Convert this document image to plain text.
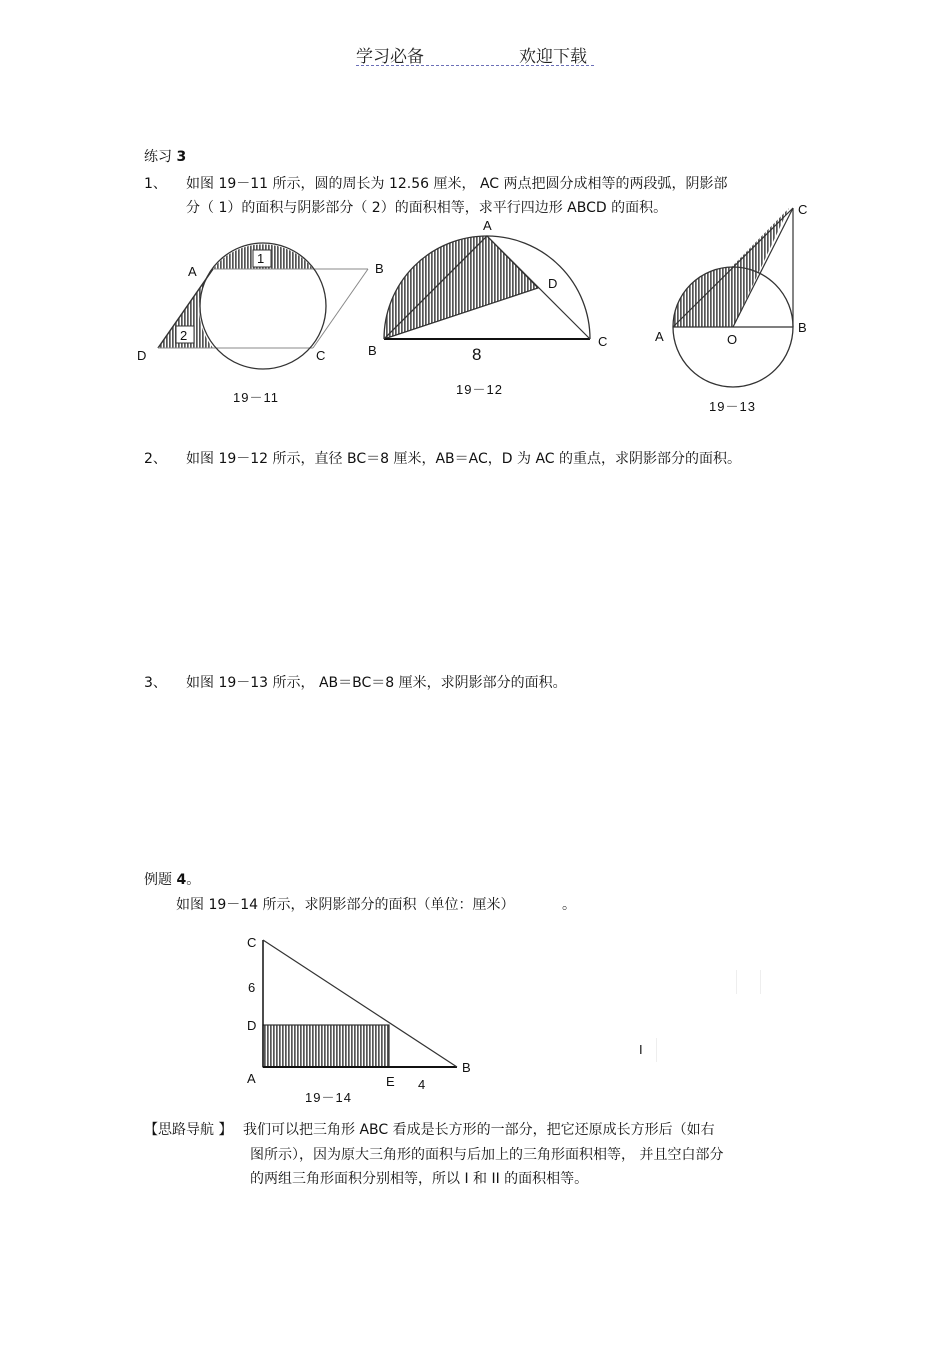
学习必备	欢迎下载
练习 3
1、 如图 19－11 所示，圆的周长为 12.56 厘米， AC 两点把圆分成相等的两段弧，阴影部
分（ 1）的面积与阴影部分（ 2）的面积相等，求平行四边形 ABCD 的面积。
1
2
A	B
C
D
19－11
A
B
C
D
8
19－12
A
B
C
O
19－13
2、 如图 19－12 所示，直径 BC＝8 厘米，AB＝AC，D 为 AC 的重点，求阴影部分的面积。
3、 如图 19－13 所示， AB＝BC＝8 厘米，求阴影部分的面积。
例题 4。
如图 19－14 所示，求阴影部分的面积（单位：厘米）	。
C
6
D
A	E 4
B
19－14
I
【思路导航 】 我们可以把三角形 ABC 看成是长方形的一部分，把它还原成长方形后（如右
图所示），因为原大三角形的面积与后加上的三角形面积相等， 并且空白部分
的两组三角形面积分别相等，所以 I 和 II 的面积相等。
